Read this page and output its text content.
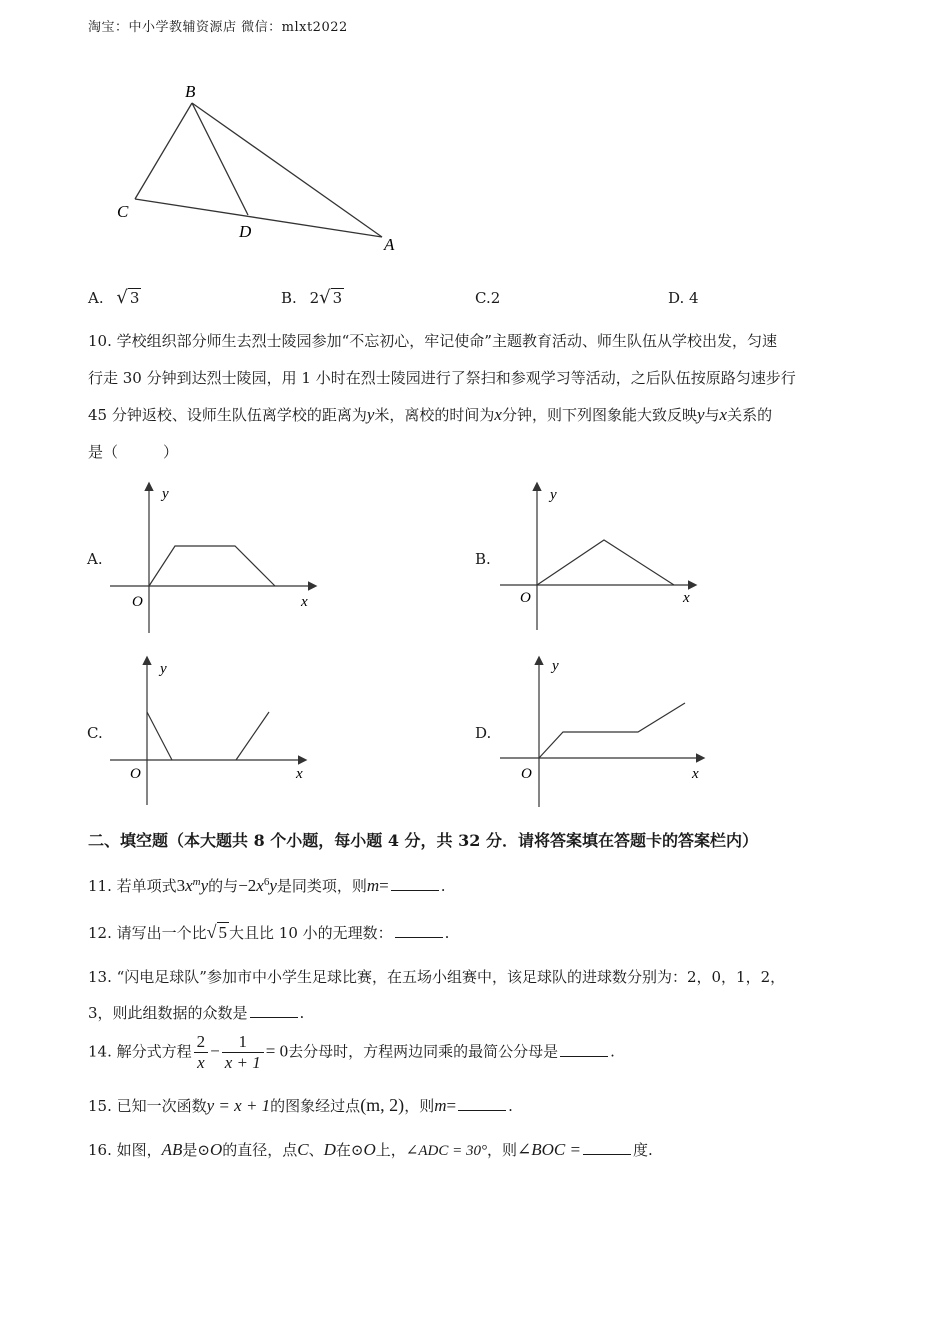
淘宝：中小学教辅资源店 微信：mlxt2022
B
C
D
A
A. √ 3	B. 2√ 3	C.2	D. 4
10. 学校组织部分师生去烈士陵园参加“不忘初心，牢记使命”主题教育活动、师生队伍从学校出发，匀速
行走 30 分钟到达烈士陵园，用 1 小时在烈士陵园进行了祭扫和参观学习等活动，之后队伍按原路匀速步行
45 分钟返校、设师生队伍离学校的距离为y米，离校的时间为x分钟，则下列图象能大致反映y与x关系的
是（　　　）
A.
y
x
O
B.
y
x
O
C.
y
x
O
D.
y
x
O
二、填空题（本大题共 8 个小题，每小题 4 分，共 32 分．请将答案填在答题卡的答案栏内）
11. 若单项式$3x^my$的与$-2x^6y$是同类项，则m=	.
12. 请写出一个比√ 5 大且比 10 小的无理数：	.
13. “闪电足球队”参加市中小学生足球比赛，在五场小组赛中，该足球队的进球数分别为：2，0，1，2，
3，则此组数据的众数是	.
14. 解分式方程 $\frac{2}{x} - \frac{1}{x + 1} = 0$去分母时，方程两边同乘的最简公分母是	.
15. 已知一次函数y = x + 1的图象经过点(m, 2)，则m=	.
16. 如图，AB是⊙O的直径，点C、D在⊙O上，∠ADC = 30°，则∠BOC =	度.
